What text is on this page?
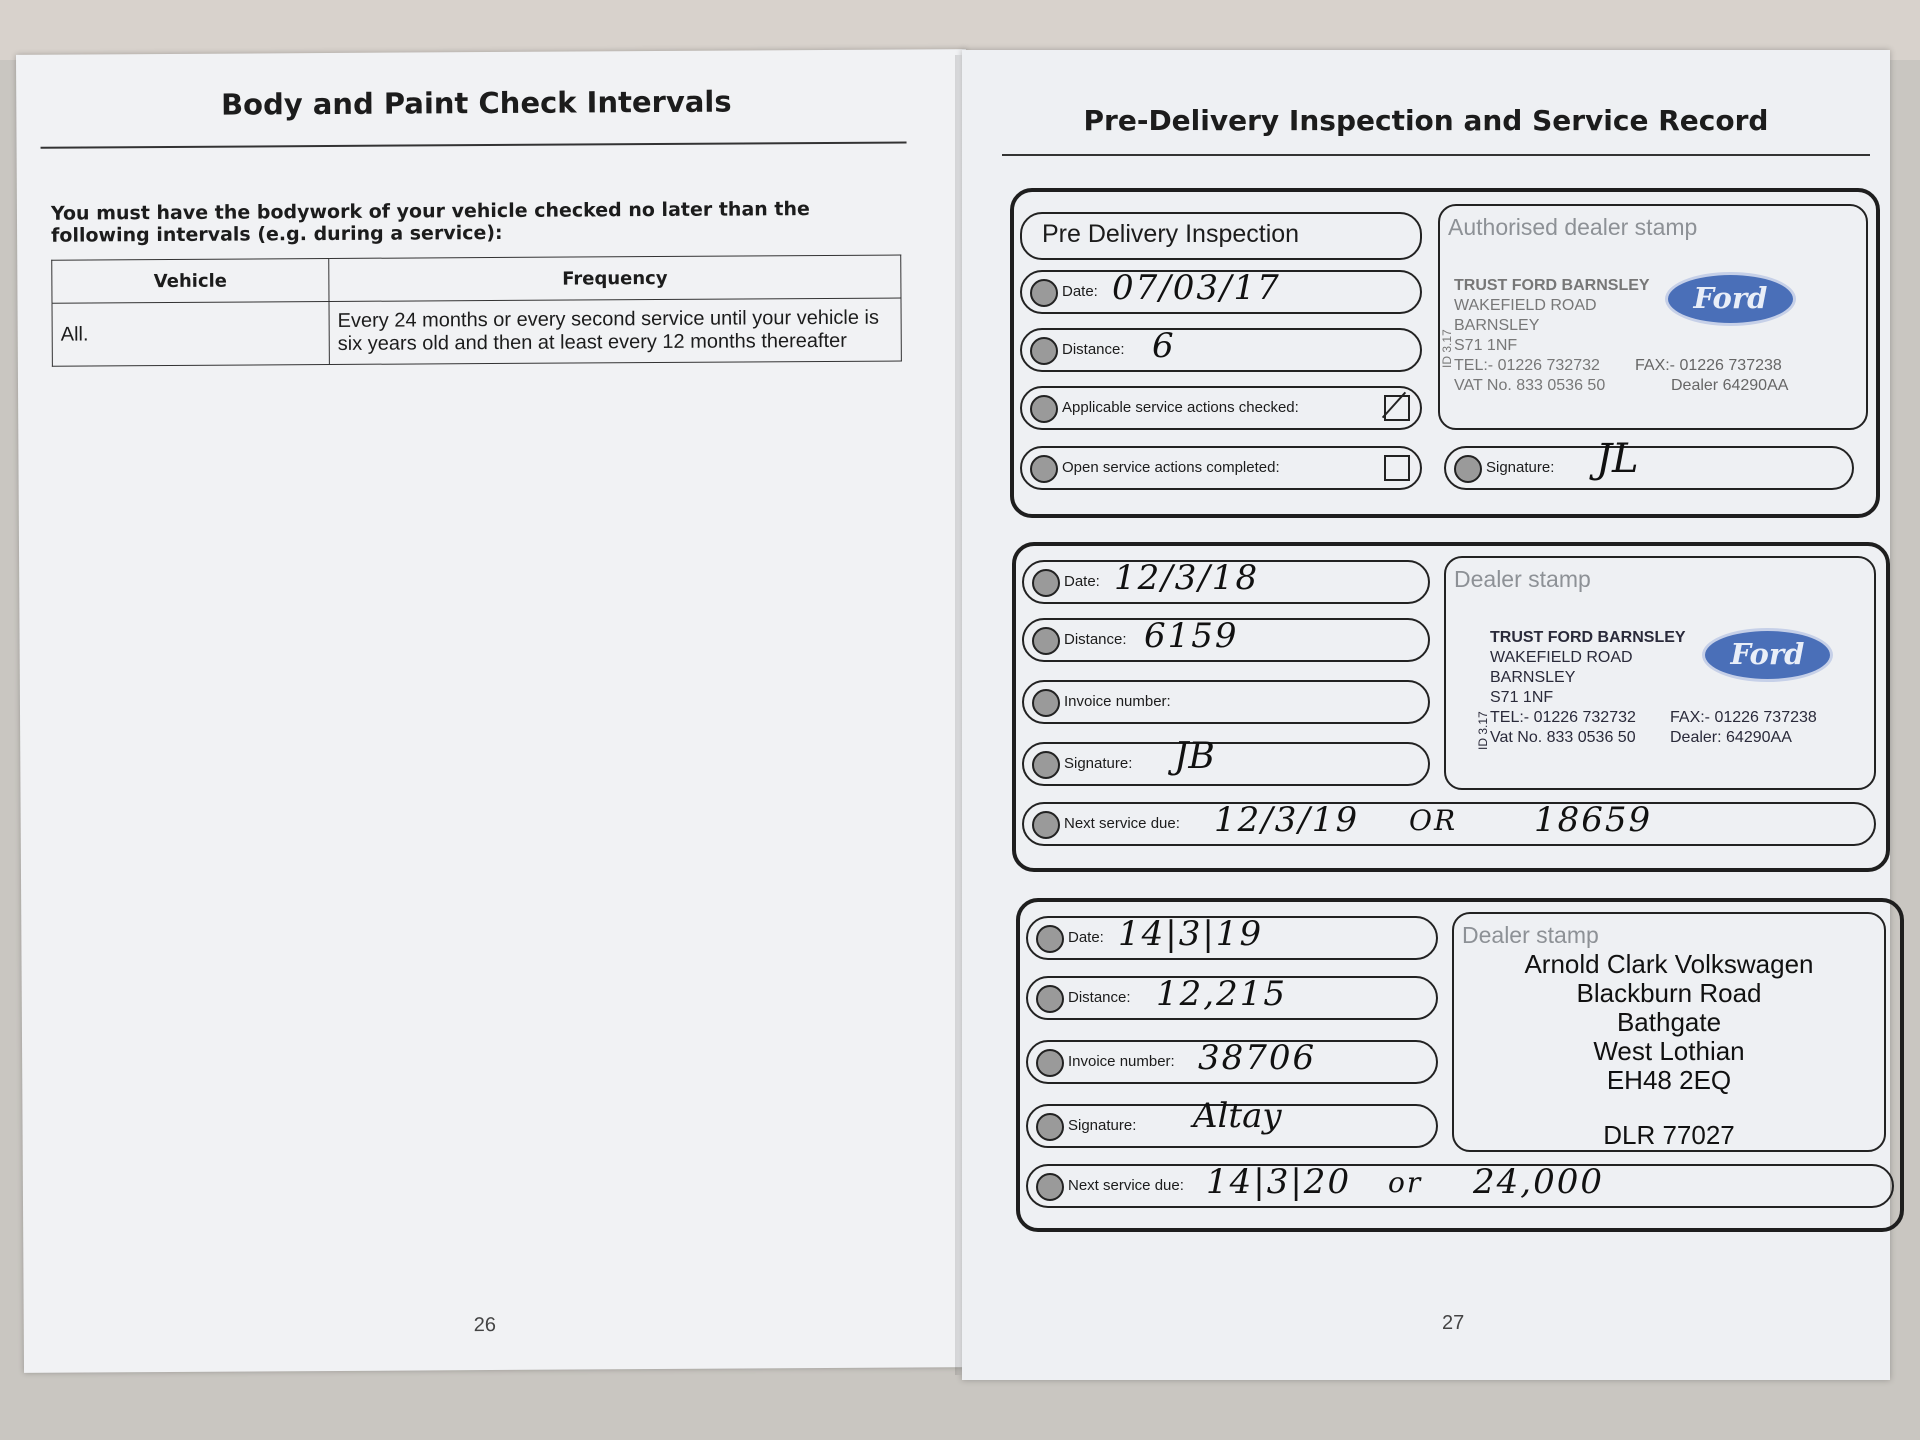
Body and Paint Check Intervals
You must have the bodywork of your vehicle checked no later than the following intervals (e.g. during a service):
Vehicle	Frequency
All.	Every 24 months or every second service until your vehicle is six years old and then at least every 12 months thereafter
26
Pre-Delivery Inspection and Service Record
Pre Delivery Inspection
Date: 07/03/17
Distance: 6
Applicable service actions checked:
Open service actions completed:
Authorised dealer stamp
TRUST FORD BARNSLEY
WAKEFIELD ROAD
BARNSLEY
S71 1NF
TEL:- 01226 732732
VAT No. 833 0536 50
FAX:- 01226 737238
Dealer 64290AA
Ford
ID 3.17
Signature: JL
Date: 12/3/18
Distance: 6159
Invoice number:
Signature: JB
Dealer stamp
TRUST FORD BARNSLEY
WAKEFIELD ROAD
BARNSLEY
S71 1NF
TEL:- 01226 732732
Vat No. 833 0536 50
FAX:- 01226 737238
Dealer: 64290AA
Ford
ID 3.17
Next service due: 12/3/19 OR 18659
Date: 14|3|19
Distance: 12,215
Invoice number: 38706
Signature: Altay
Dealer stamp
Arnold Clark Volkswagen
Blackburn Road
Bathgate
West Lothian
EH48 2EQ
DLR 77027
Next service due: 14|3|20 or 24,000
27
